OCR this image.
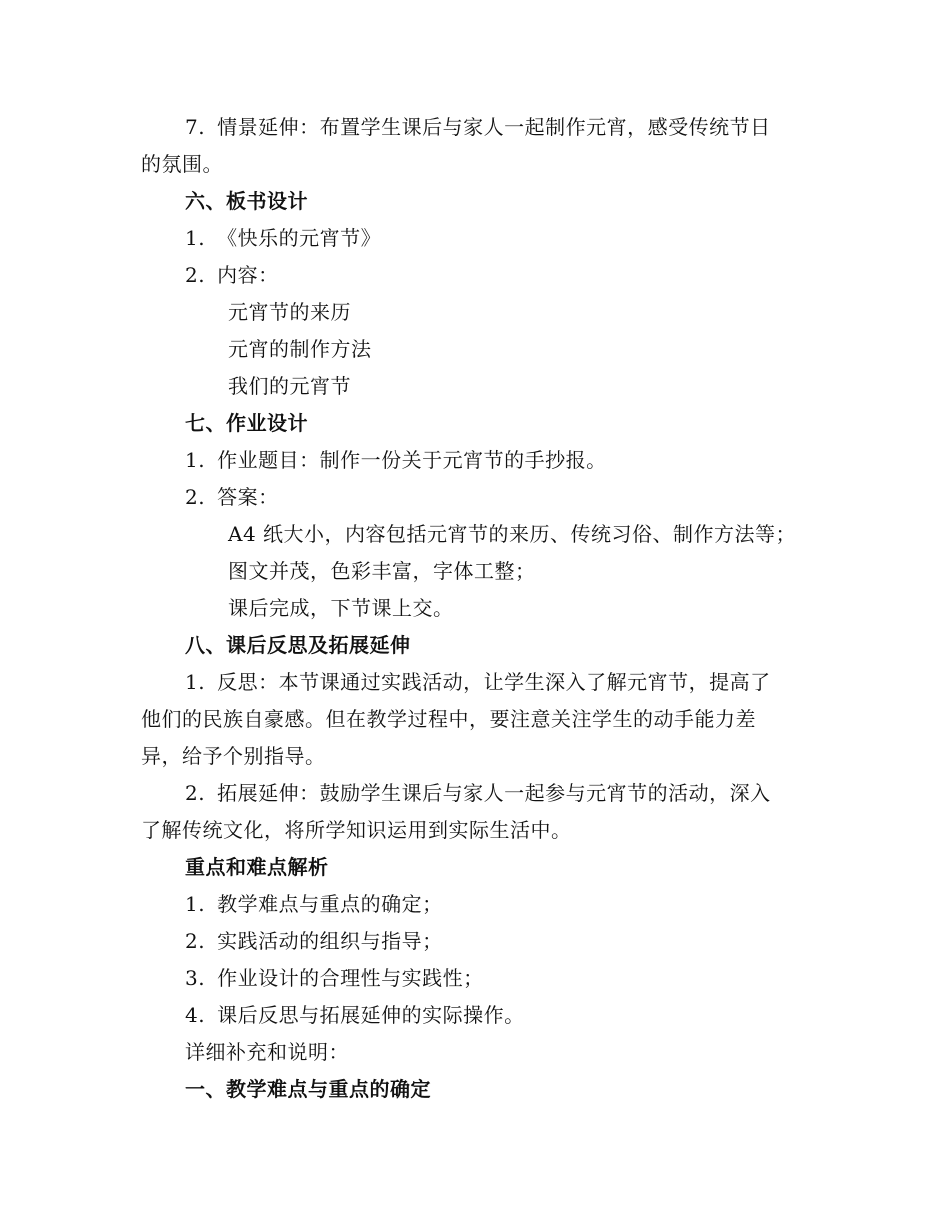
7. 情景延伸：布置学生课后与家人一起制作元宵，感受传统节日
的氛围。
六、板书设计
1. 《快乐的元宵节》
2. 内容：
元宵节的来历
元宵的制作方法
我们的元宵节
七、作业设计
1. 作业题目：制作一份关于元宵节的手抄报。
2. 答案：
A4 纸大小，内容包括元宵节的来历、传统习俗、制作方法等；
图文并茂，色彩丰富，字体工整；
课后完成，下节课上交。
八、课后反思及拓展延伸
1. 反思：本节课通过实践活动，让学生深入了解元宵节，提高了
他们的民族自豪感。但在教学过程中，要注意关注学生的动手能力差
异，给予个别指导。
2. 拓展延伸：鼓励学生课后与家人一起参与元宵节的活动，深入
了解传统文化，将所学知识运用到实际生活中。
重点和难点解析
1. 教学难点与重点的确定；
2. 实践活动的组织与指导；
3. 作业设计的合理性与实践性；
4. 课后反思与拓展延伸的实际操作。
详细补充和说明：
一、教学难点与重点的确定
